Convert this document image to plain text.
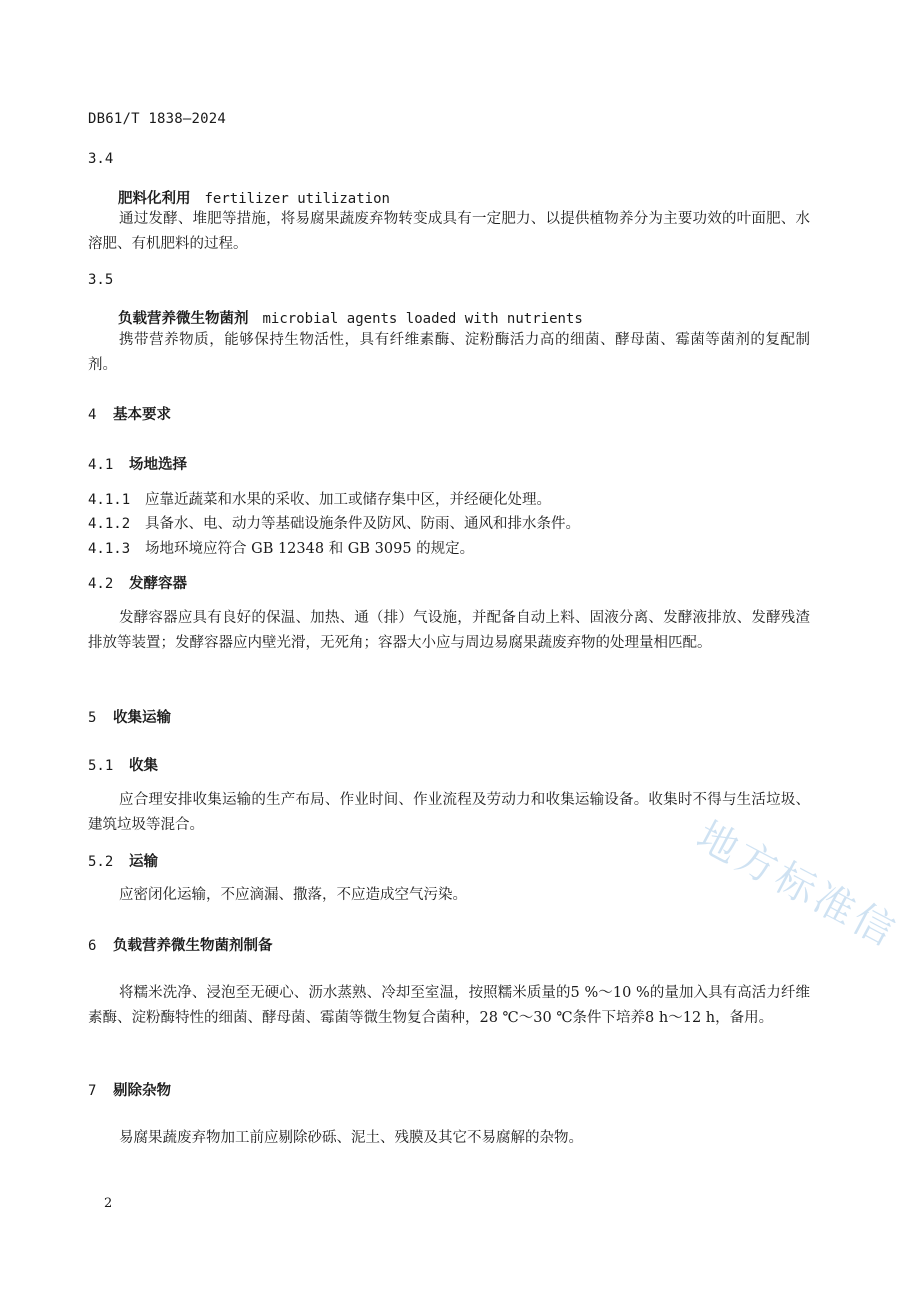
DB61/T 1838—2024
3.4
肥料化利用 fertilizer utilization
通过发酵、堆肥等措施，将易腐果蔬废弃物转变成具有一定肥力、以提供植物养分为主要功效的叶面肥、水溶肥、有机肥料的过程。
3.5
负载营养微生物菌剂 microbial agents loaded with nutrients
携带营养物质，能够保持生物活性，具有纤维素酶、淀粉酶活力高的细菌、酵母菌、霉菌等菌剂的复配制剂。
4 基本要求
4.1 场地选择
4.1.1 应靠近蔬菜和水果的采收、加工或储存集中区，并经硬化处理。
4.1.2 具备水、电、动力等基础设施条件及防风、防雨、通风和排水条件。
4.1.3 场地环境应符合 GB 12348 和 GB 3095 的规定。
4.2 发酵容器
发酵容器应具有良好的保温、加热、通（排）气设施，并配备自动上料、固液分离、发酵液排放、发酵残渣排放等装置；发酵容器应内壁光滑，无死角；容器大小应与周边易腐果蔬废弃物的处理量相匹配。
5 收集运输
5.1 收集
应合理安排收集运输的生产布局、作业时间、作业流程及劳动力和收集运输设备。收集时不得与生活垃圾、建筑垃圾等混合。
5.2 运输
应密闭化运输，不应滴漏、撒落，不应造成空气污染。
6 负载营养微生物菌剂制备
将糯米洗净、浸泡至无硬心、沥水蒸熟、冷却至室温，按照糯米质量的5 %～10 %的量加入具有高活力纤维素酶、淀粉酶特性的细菌、酵母菌、霉菌等微生物复合菌种，28 ℃～30 ℃条件下培养8 h～12 h，备用。
7 剔除杂物
易腐果蔬废弃物加工前应剔除砂砾、泥土、残膜及其它不易腐解的杂物。
地方标准信
2
